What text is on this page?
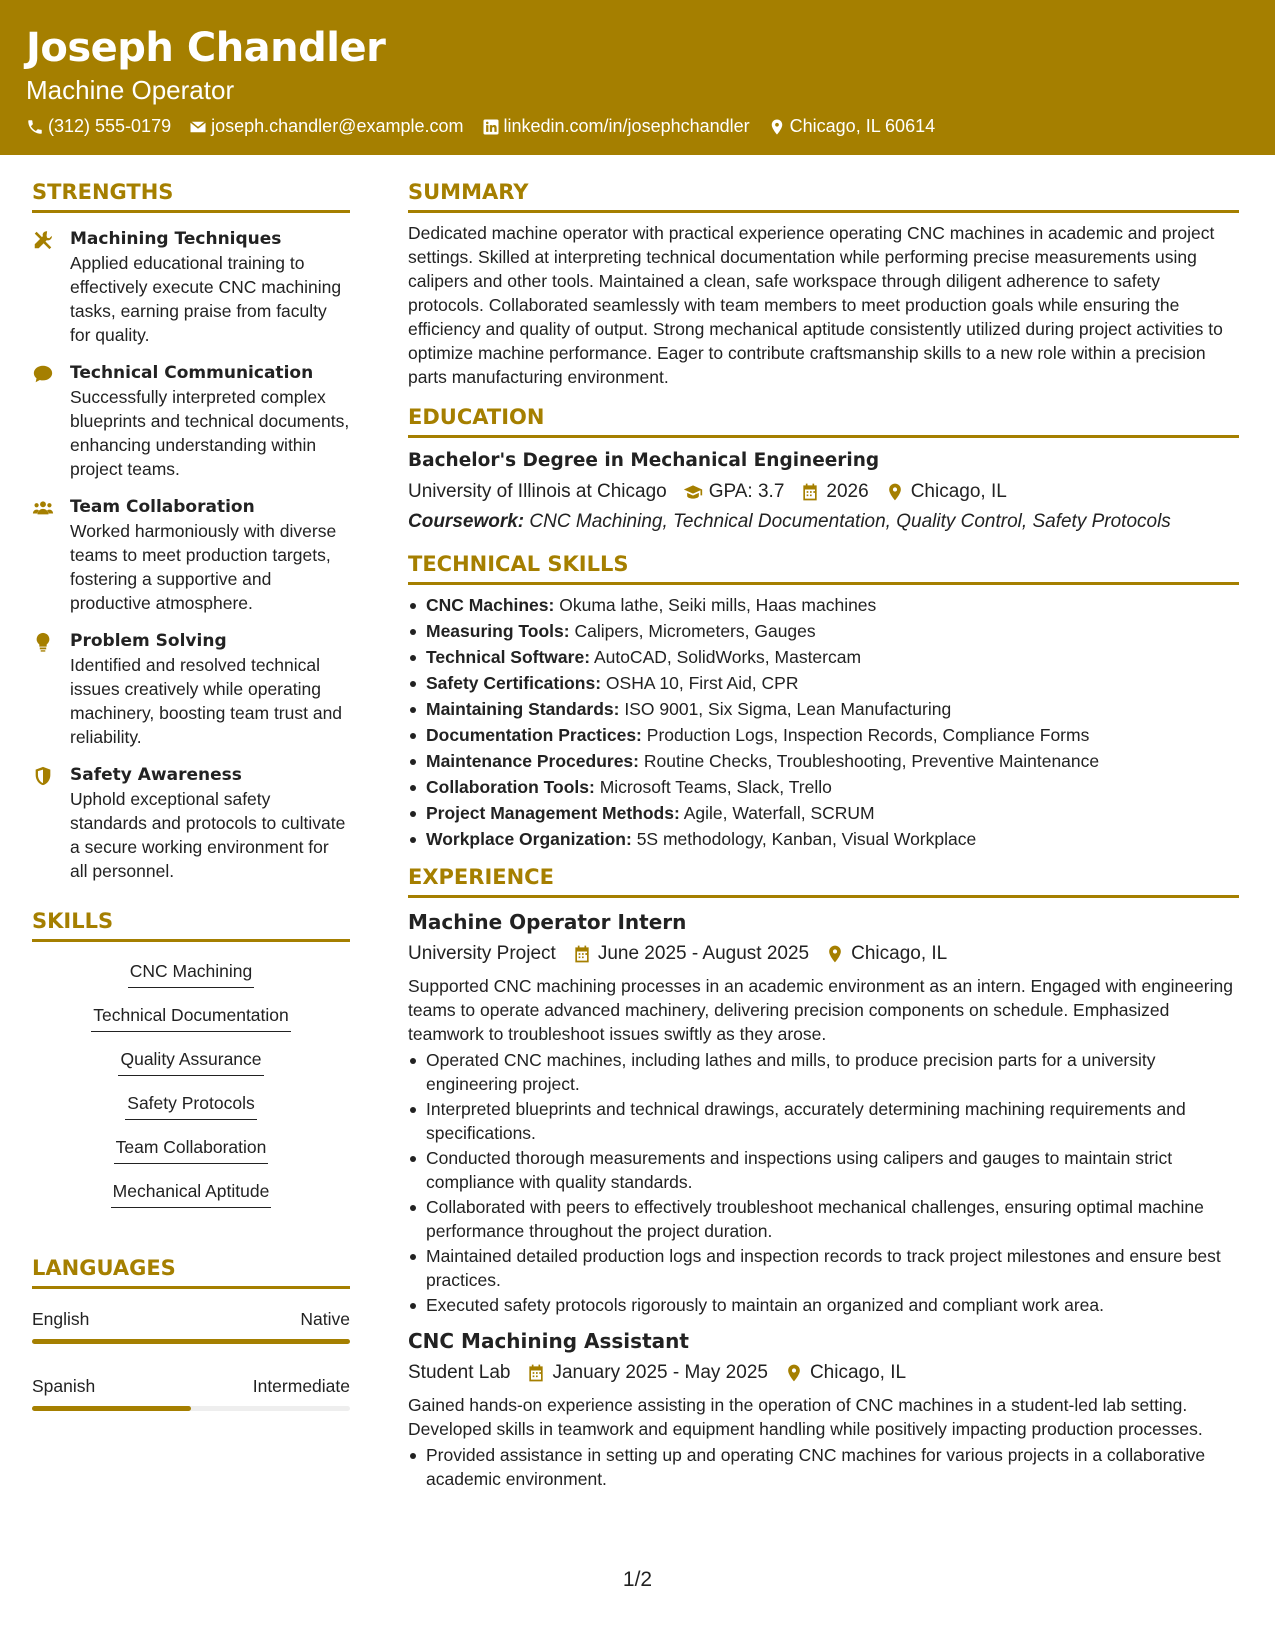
Joseph Chandler
Machine Operator
(312) 555-0179 joseph.chandler@example.com linkedin.com/in/josephchandler Chicago, IL 60614
STRENGTHS
Machining Techniques
Applied educational training to effectively execute CNC machining tasks, earning praise from faculty for quality.
Technical Communication
Successfully interpreted complex blueprints and technical documents, enhancing understanding within project teams.
Team Collaboration
Worked harmoniously with diverse teams to meet production targets, fostering a supportive and productive atmosphere.
Problem Solving
Identified and resolved technical issues creatively while operating machinery, boosting team trust and reliability.
Safety Awareness
Uphold exceptional safety standards and protocols to cultivate a secure working environment for all personnel.
SKILLS
CNC Machining
Technical Documentation
Quality Assurance
Safety Protocols
Team Collaboration
Mechanical Aptitude
LANGUAGES
English	Native
Spanish	Intermediate
SUMMARY
Dedicated machine operator with practical experience operating CNC machines in academic and project settings. Skilled at interpreting technical documentation while performing precise measurements using calipers and other tools. Maintained a clean, safe workspace through diligent adherence to safety protocols. Collaborated seamlessly with team members to meet production goals while ensuring the efficiency and quality of output. Strong mechanical aptitude consistently utilized during project activities to optimize machine performance. Eager to contribute craftsmanship skills to a new role within a precision parts manufacturing environment.
EDUCATION
Bachelor's Degree in Mechanical Engineering
University of Illinois at Chicago GPA: 3.7 2026 Chicago, IL
Coursework: CNC Machining, Technical Documentation, Quality Control, Safety Protocols
TECHNICAL SKILLS
CNC Machines: Okuma lathe, Seiki mills, Haas machines
Measuring Tools: Calipers, Micrometers, Gauges
Technical Software: AutoCAD, SolidWorks, Mastercam
Safety Certifications: OSHA 10, First Aid, CPR
Maintaining Standards: ISO 9001, Six Sigma, Lean Manufacturing
Documentation Practices: Production Logs, Inspection Records, Compliance Forms
Maintenance Procedures: Routine Checks, Troubleshooting, Preventive Maintenance
Collaboration Tools: Microsoft Teams, Slack, Trello
Project Management Methods: Agile, Waterfall, SCRUM
Workplace Organization: 5S methodology, Kanban, Visual Workplace
EXPERIENCE
Machine Operator Intern
University Project June 2025 - August 2025 Chicago, IL
Supported CNC machining processes in an academic environment as an intern. Engaged with engineering teams to operate advanced machinery, delivering precision components on schedule. Emphasized teamwork to troubleshoot issues swiftly as they arose.
Operated CNC machines, including lathes and mills, to produce precision parts for a university engineering project.
Interpreted blueprints and technical drawings, accurately determining machining requirements and specifications.
Conducted thorough measurements and inspections using calipers and gauges to maintain strict compliance with quality standards.
Collaborated with peers to effectively troubleshoot mechanical challenges, ensuring optimal machine performance throughout the project duration.
Maintained detailed production logs and inspection records to track project milestones and ensure best practices.
Executed safety protocols rigorously to maintain an organized and compliant work area.
CNC Machining Assistant
Student Lab January 2025 - May 2025 Chicago, IL
Gained hands-on experience assisting in the operation of CNC machines in a student-led lab setting. Developed skills in teamwork and equipment handling while positively impacting production processes.
Provided assistance in setting up and operating CNC machines for various projects in a collaborative academic environment.
1/2
